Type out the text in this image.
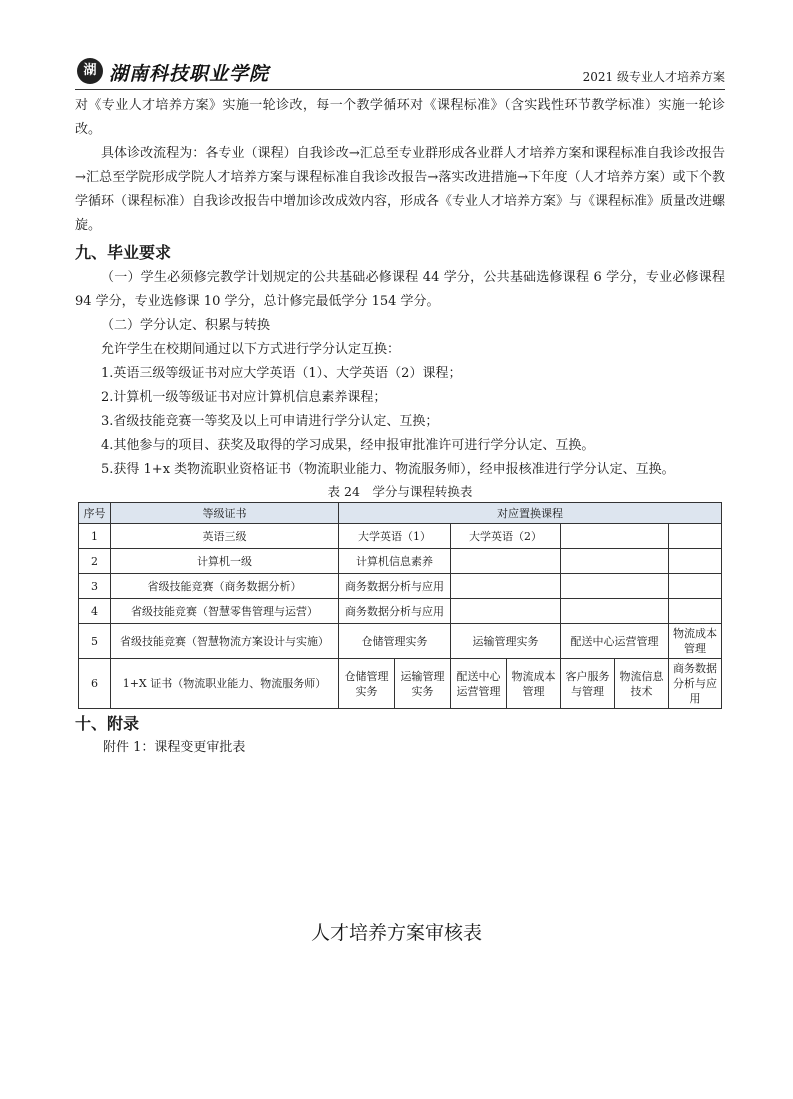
湖 湖南科技职业学院	2021 级专业人才培养方案

对《专业人才培养方案》实施一轮诊改，每一个教学循环对《课程标准》（含实践性环节教学标准）实施一轮诊改。

具体诊改流程为：各专业（课程）自我诊改→汇总至专业群形成各业群人才培养方案和课程标准自我诊改报告→汇总至学院形成学院人才培养方案与课程标准自我诊改报告→落实改进措施→下年度（人才培养方案）或下个教学循环（课程标准）自我诊改报告中增加诊改成效内容，形成各《专业人才培养方案》与《课程标准》质量改进螺旋。

九、毕业要求

（一）学生必须修完教学计划规定的公共基础必修课程 44 学分，公共基础选修课程 6 学分，专业必修课程 94 学分，专业选修课 10 学分，总计修完最低学分 154 学分。

（二）学分认定、积累与转换

允许学生在校期间通过以下方式进行学分认定互换：

1.英语三级等级证书对应大学英语（1）、大学英语（2）课程；

2.计算机一级等级证书对应计算机信息素养课程；

3.省级技能竞赛一等奖及以上可申请进行学分认定、互换；

4.其他参与的项目、获奖及取得的学习成果，经申报审批准许可进行学分认定、互换。

5.获得 1+x 类物流职业资格证书（物流职业能力、物流服务师），经申报核准进行学分认定、互换。

表 24　学分与课程转换表
序号	等级证书	对应置换课程						
1	英语三级	大学英语（1）		大学英语（2）				
2	计算机一级	计算机信息素养						
3	省级技能竞赛（商务数据分析）	商务数据分析与应用						
4	省级技能竞赛（智慧零售管理与运营）	商务数据分析与应用						
5	省级技能竞赛（智慧物流方案设计与实施）	仓储管理实务		运输管理实务		配送中心运营管理		物流成本管理
6	1+X 证书（物流职业能力、物流服务师）	仓储管理实务	运输管理实务	配送中心运营管理	物流成本管理	客户服务与管理	物流信息技术	商务数据分析与应用
十、附录
附件 1：课程变更审批表
人才培养方案审核表
